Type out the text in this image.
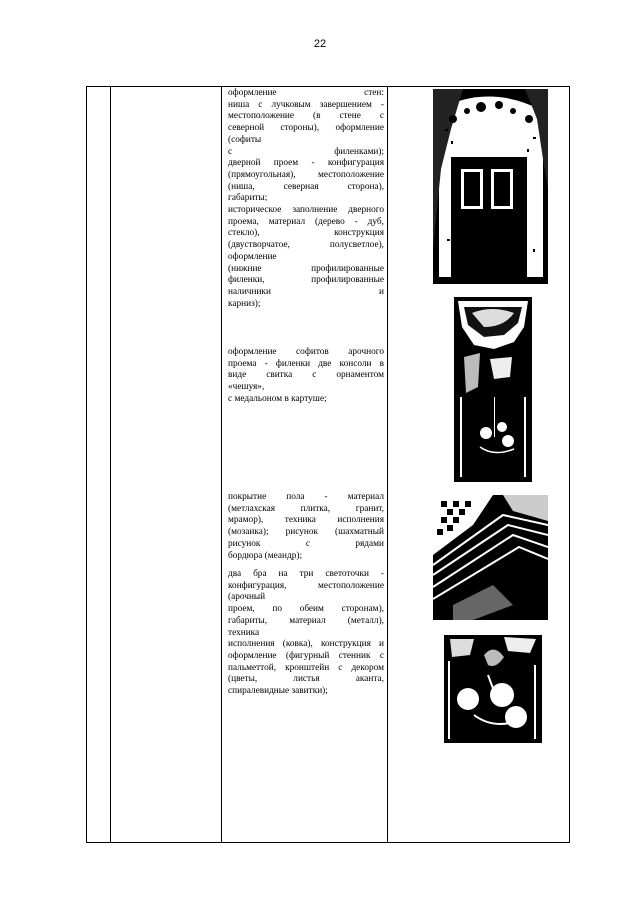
22
оформление стен:
ниша с лучковым завершением -
местоположение (в стене с
северной стороны), оформление
(софиты
с филенками);
дверной проем - конфигурация
(прямоугольная), местоположение
(ниша, северная сторона),
габариты;
историческое заполнение дверного
проема, материал (дерево - дуб,
стекло), конструкция
(двустворчатое, полусветлое),
оформление
(нижние профилированные
филенки, профилированные
наличники и
карниз);
оформление софитов арочного
проема - филенки две консоли в
виде свитка с орнаментом
«чешуя»,
с медальоном в картуше;
покрытие пола - материал
(метлахская плитка, гранит,
мрамор), техника исполнения
(мозаика); рисунок (шахматный
рисунок с рядами
бордюра (меандр);
два бра на три светоточки -
конфигурация, местоположение
(арочный
проем, по обеим сторонам),
габариты, материал (металл),
техника
исполнения (ковка), конструкция и
оформление (фигурный стенник с
пальметтой, кронштейн с декором
(цветы, листья аканта,
спиралевидные завитки);
